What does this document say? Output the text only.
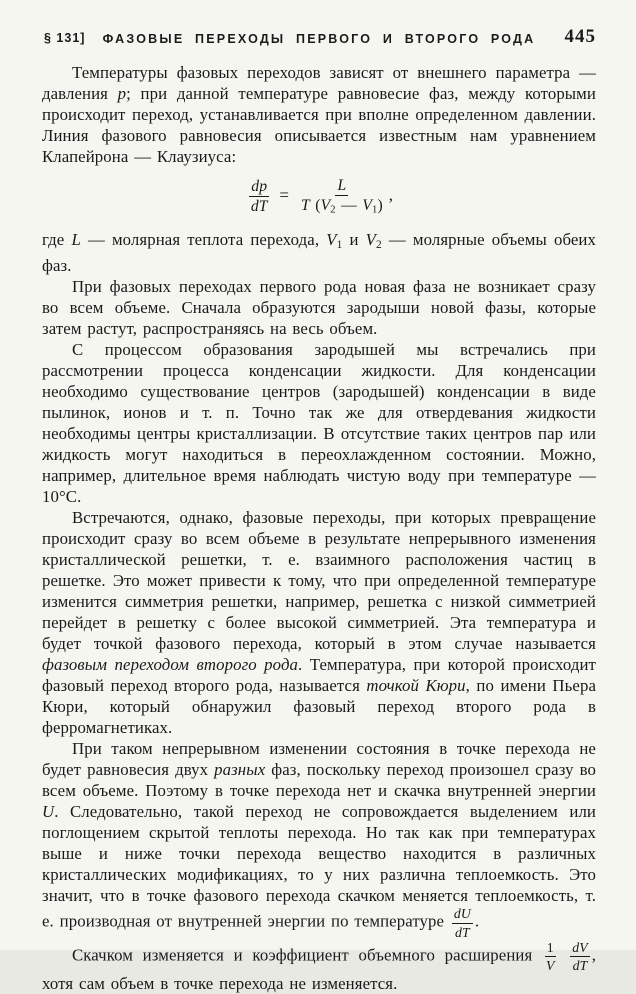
§ 131] ФАЗОВЫЕ ПЕРЕХОДЫ ПЕРВОГО И ВТОРОГО РОДА 445

Температуры фазовых переходов зависят от внешнего параметра — давления p; при данной температуре равновесие фаз, между которыми происходит переход, устанавливается при вполне определенном давлении. Линия фазового равновесия описывается известным нам уравнением Клапейрона — Клаузиуса:

$\frac{dp}{dT} = \frac{L}{T (V2 — V1)}$ ,

где L — молярная теплота перехода, V1 и V2 — молярные объемы обеих фаз.

При фазовых переходах первого рода новая фаза не возникает сразу во всем объеме. Сначала образуются зародыши новой фазы, которые затем растут, распространяясь на весь объем.

С процессом образования зародышей мы встречались при рассмотрении процесса конденсации жидкости. Для конденсации необходимо существование центров (зародышей) конденсации в виде пылинок, ионов и т. п. Точно так же для отвердевания жидкости необходимы центры кристаллизации. В отсутствие таких центров пар или жидкость могут находиться в переохлажденном состоянии. Можно, например, длительное время наблюдать чистую воду при температуре —10°С.

Встречаются, однако, фазовые переходы, при которых превращение происходит сразу во всем объеме в результате непрерывного изменения кристаллической решетки, т. е. взаимного расположения частиц в решетке. Это может привести к тому, что при определенной температуре изменится симметрия решетки, например, решетка с низкой симметрией перейдет в решетку с более высокой симметрией. Эта температура и будет точкой фазового перехода, который в этом случае называется фазовым переходом второго рода. Температура, при которой происходит фазовый переход второго рода, называется точкой Кюри, по имени Пьера Кюри, который обнаружил фазовый переход второго рода в ферромагнетиках.

При таком непрерывном изменении состояния в точке перехода не будет равновесия двух разных фаз, поскольку переход произошел сразу во всем объеме. Поэтому в точке перехода нет и скачка внутренней энергии U. Следовательно, такой переход не сопровождается выделением или поглощением скрытой теплоты перехода. Но так как при температурах выше и ниже точки перехода вещество находится в различных кристаллических модификациях, то у них различна теплоемкость. Это значит, что в точке фазового перехода скачком меняется теплоемкость, т. е. производная от внутренней энергии по температуре $\frac{dU}{dT}$ .

Скачком изменяется и коэффициент объемного расширения $\frac{1}{V}$
$\frac{dV}{dT}$ , хотя сам объем в точке перехода не изменяется.
